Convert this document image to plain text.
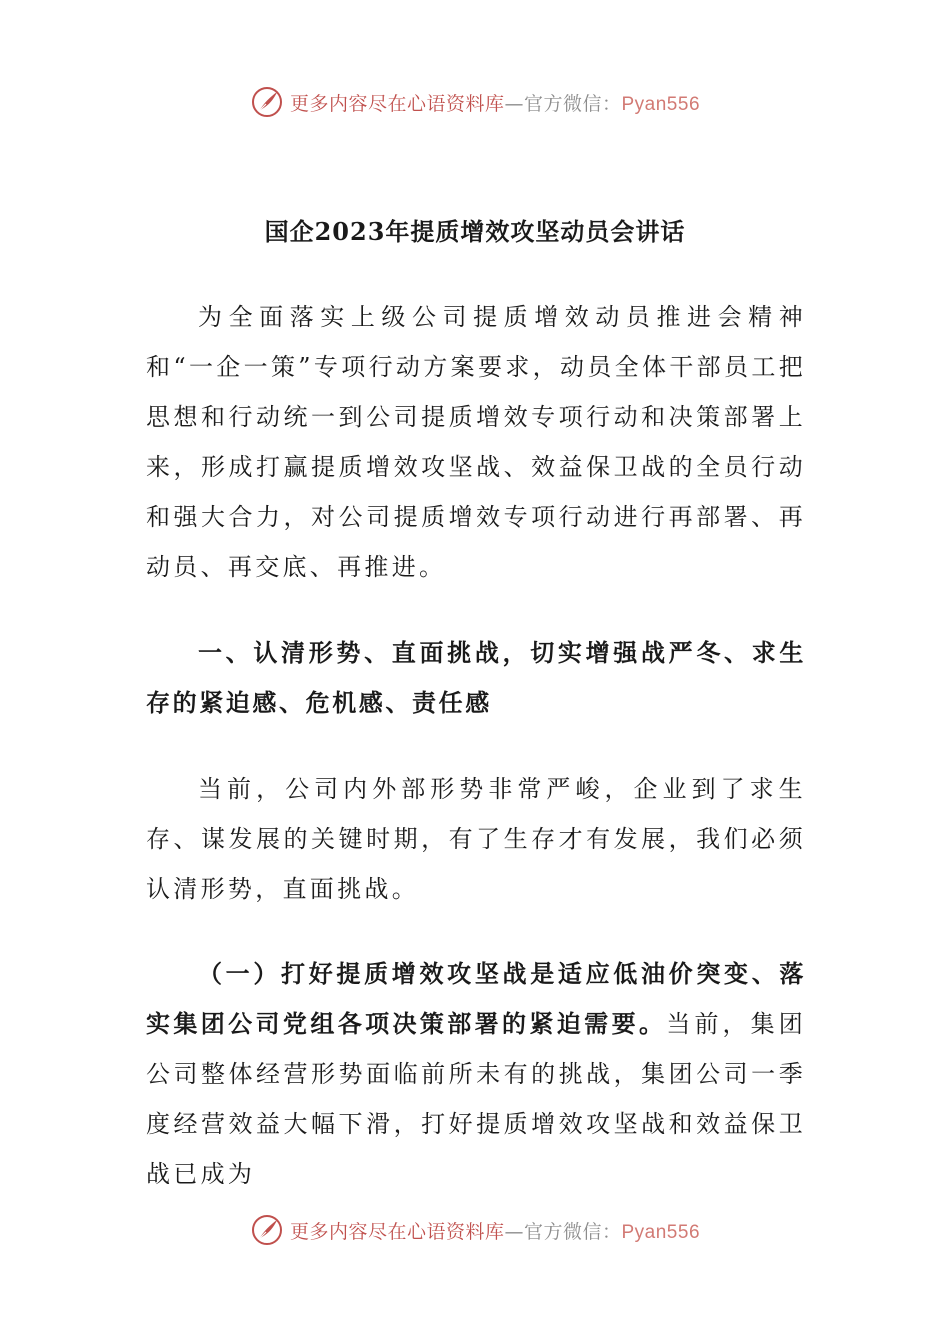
更多内容尽在心语资料库—官方微信：Pyan556
国企2023年提质增效攻坚动员会讲话

为全面落实上级公司提质增效动员推进会精神和“一企一策”专项行动方案要求，动员全体干部员工把思想和行动统一到公司提质增效专项行动和决策部署上来，形成打赢提质增效攻坚战、效益保卫战的全员行动和强大合力，对公司提质增效专项行动进行再部署、再动员、再交底、再推进。

一、认清形势、直面挑战，切实增强战严冬、求生存的紧迫感、危机感、责任感

当前，公司内外部形势非常严峻，企业到了求生存、谋发展的关键时期，有了生存才有发展，我们必须认清形势，直面挑战。

（一）打好提质增效攻坚战是适应低油价突变、落实集团公司党组各项决策部署的紧迫需要。当前，集团公司整体经营形势面临前所未有的挑战，集团公司一季度经营效益大幅下滑，打好提质增效攻坚战和效益保卫战已成为

更多内容尽在心语资料库—官方微信：Pyan556
